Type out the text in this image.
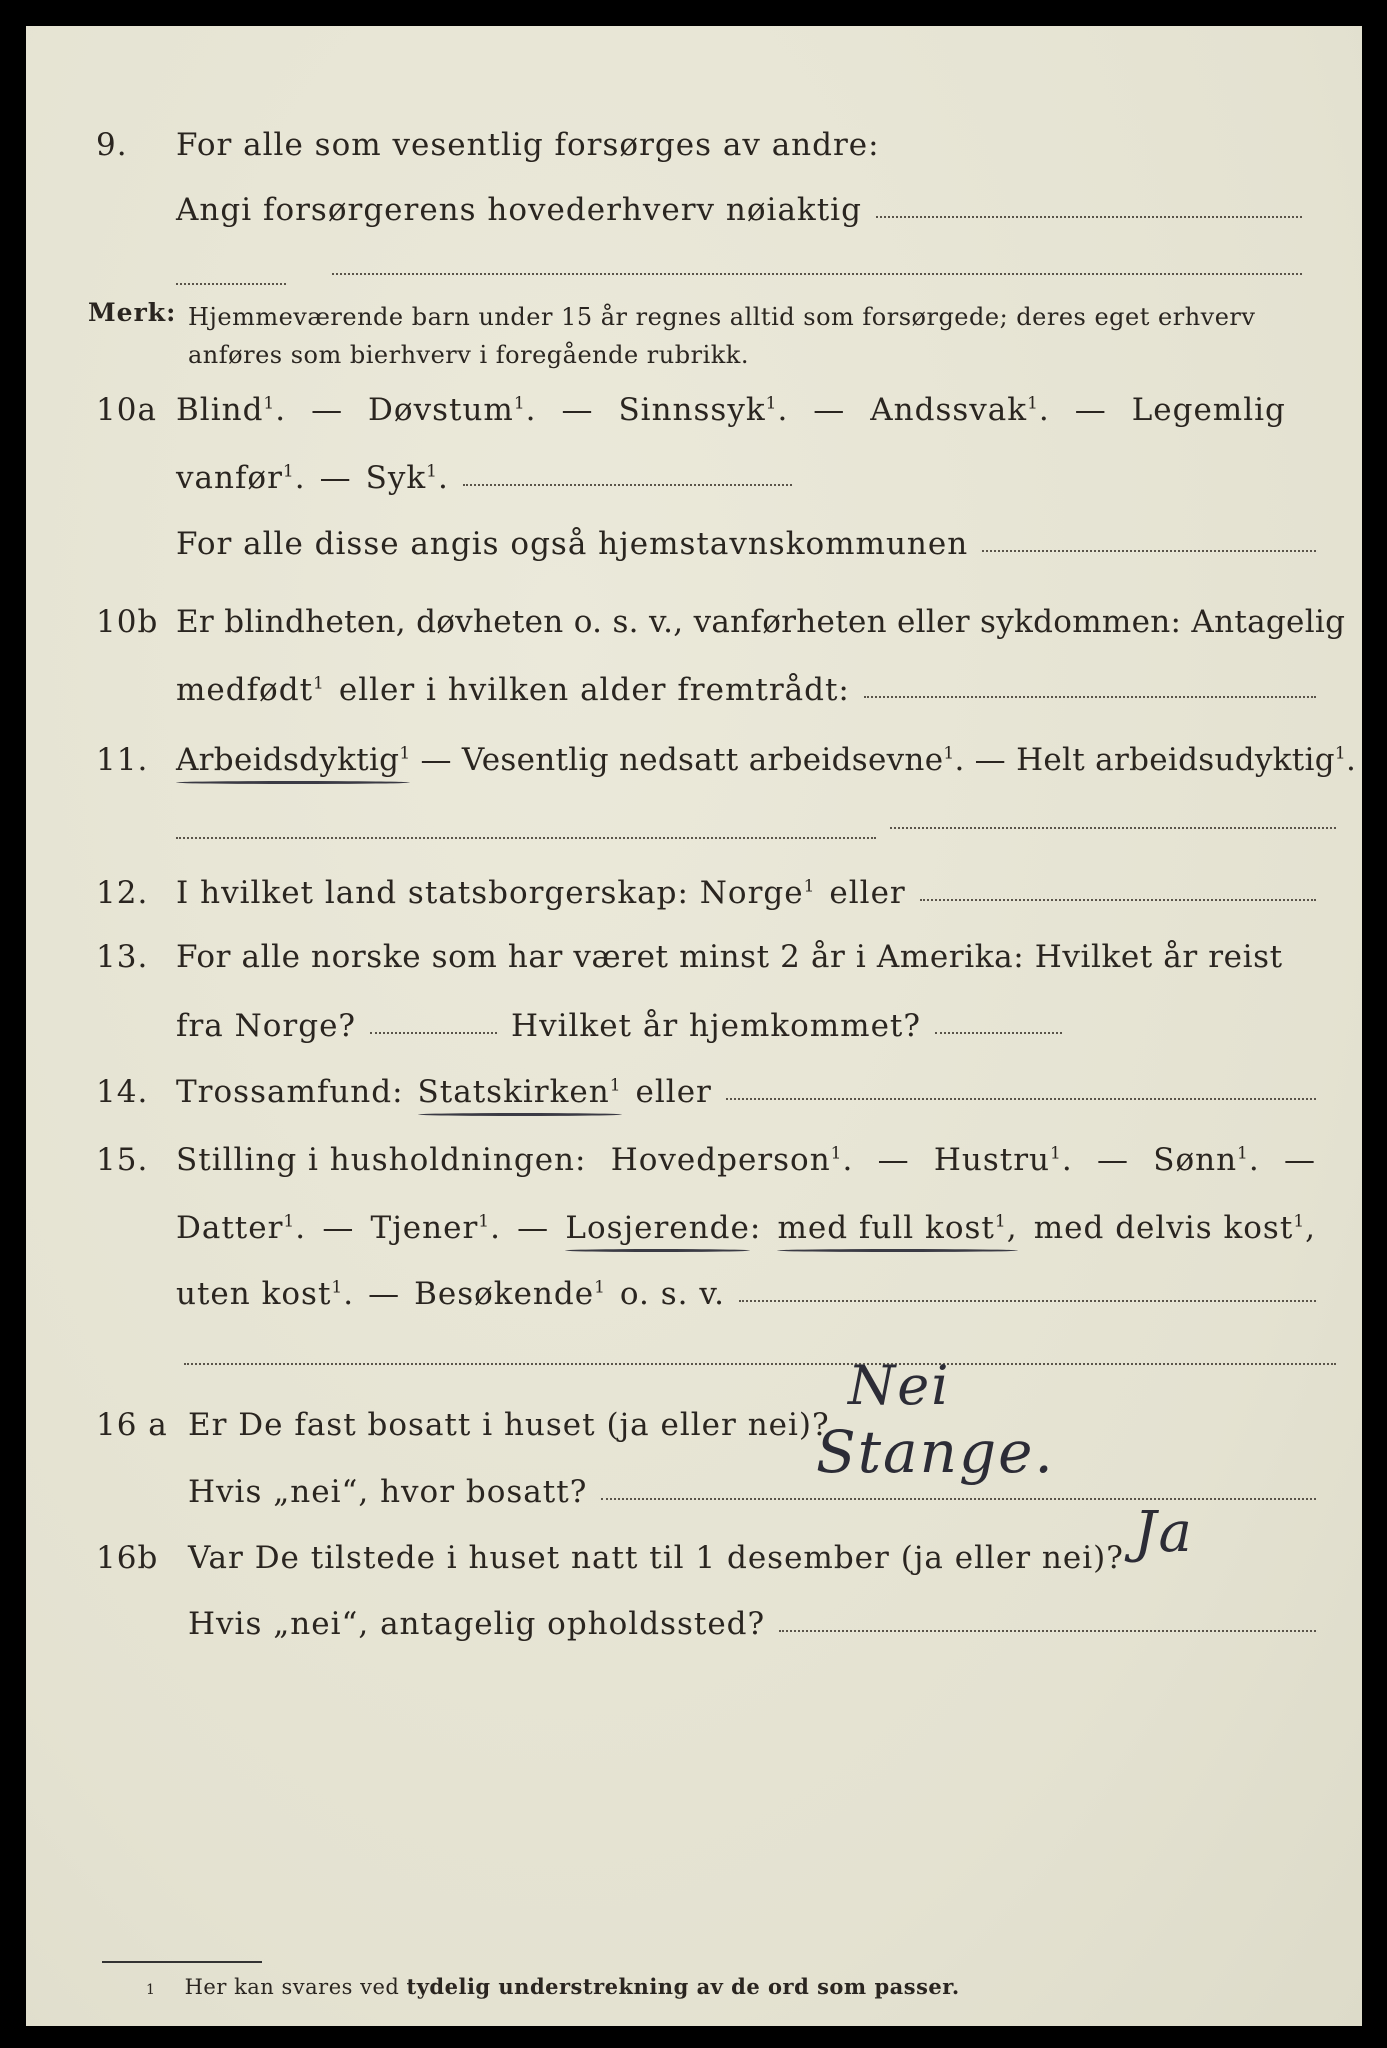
9. For alle som vesentlig forsørges av andre:
Angi forsørgerens hovederhverv nøiaktig
Merk: Hjemmeværende barn under 15 år regnes alltid som forsørgede; deres eget erhverv
anføres som bierhverv i foregående rubrikk.
10a Blind$^1$. — Døvstum$^1$. — Sinnssyk$^1$. — Andssvak$^1$. — Legemlig
vanfør$^1$. — Syk$^1$.
For alle disse angis også hjemstavnskommunen
10b Er blindheten, døvheten o. s. v., vanførheten eller sykdommen: Antagelig
medfødt$^1$ eller i hvilken alder fremtrådt:
11. Arbeidsdyktig$^1$ — Vesentlig nedsatt arbeidsevne$^1$. — Helt arbeidsudyktig$^1$.
12. I hvilket land statsborgerskap: Norge$^1$ eller
13. For alle norske som har været minst 2 år i Amerika: Hvilket år reist
fra Norge?	Hvilket år hjemkommet?
14. Trossamfund: Statskirken$^1$ eller
15. Stilling i husholdningen: Hovedperson$^1$. — Hustru$^1$. — Sønn$^1$. —
Datter$^1$. — Tjener$^1$. — Losjerende: med full kost$^1$, med delvis kost$^1$,
uten kost$^1$. — Besøkende$^1$ o. s. v.
16 a Er De fast bosatt i huset (ja eller nei)?
Nei
Hvis „nei“, hvor bosatt?
Stange.
16b Var De tilstede i huset natt til 1 desember (ja eller nei)? Ja
Hvis „nei“, antagelig opholdssted?
1 Her kan svares ved tydelig understrekning av de ord som passer.
